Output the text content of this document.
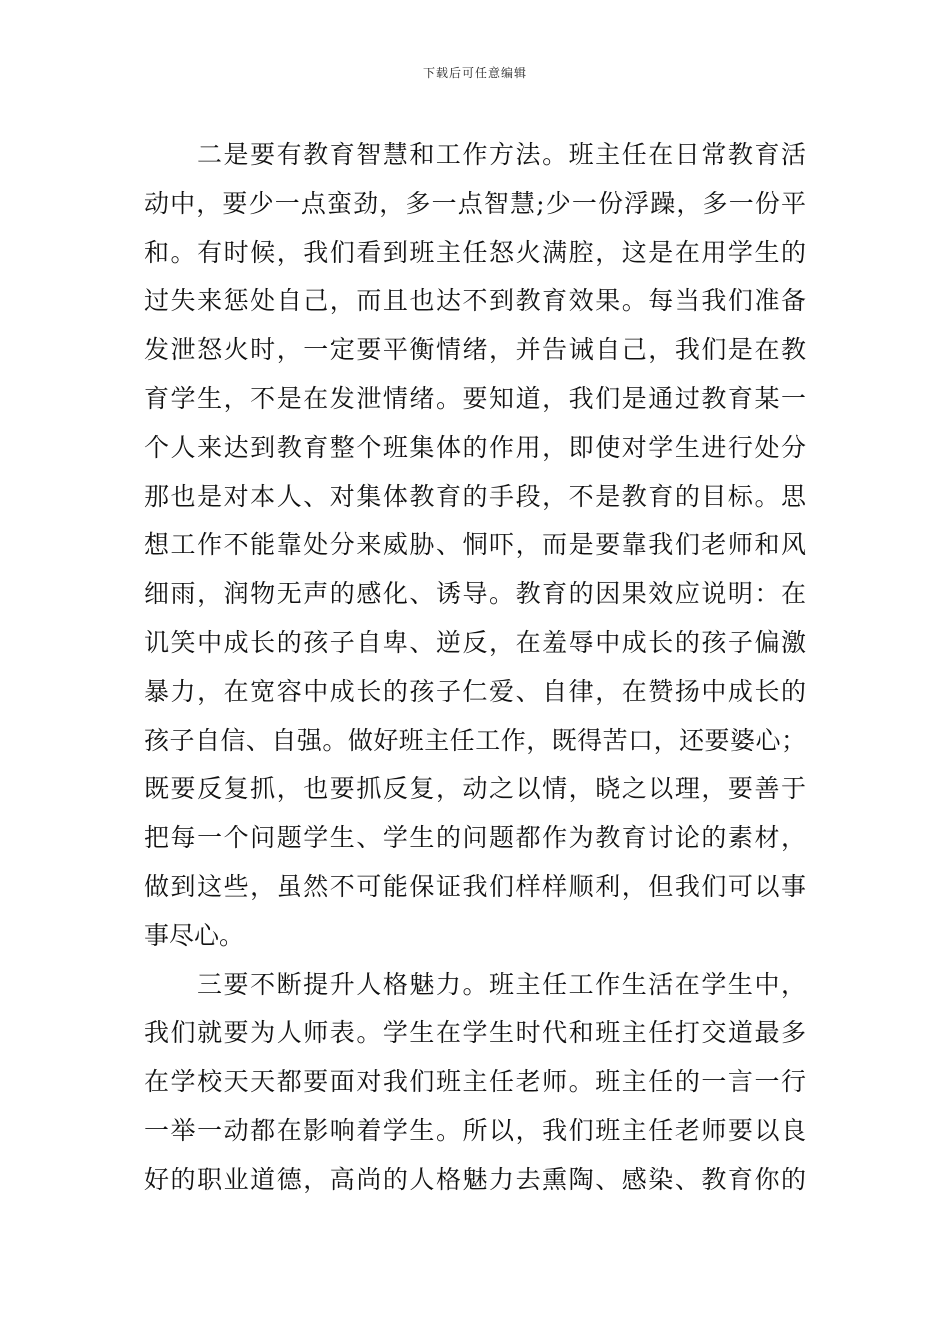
下载后可任意编辑
二是要有教育智慧和工作方法。班主任在日常教育活
动中，要少一点蛮劲，多一点智慧;少一份浮躁，多一份平
和。有时候，我们看到班主任怒火满腔，这是在用学生的
过失来惩处自己，而且也达不到教育效果。每当我们准备
发泄怒火时，一定要平衡情绪，并告诫自己，我们是在教
育学生，不是在发泄情绪。要知道，我们是通过教育某一
个人来达到教育整个班集体的作用，即使对学生进行处分
那也是对本人、对集体教育的手段，不是教育的目标。思
想工作不能靠处分来威胁、恫吓，而是要靠我们老师和风
细雨，润物无声的感化、诱导。教育的因果效应说明：在
讥笑中成长的孩子自卑、逆反，在羞辱中成长的孩子偏激
暴力，在宽容中成长的孩子仁爱、自律，在赞扬中成长的
孩子自信、自强。做好班主任工作，既得苦口，还要婆心；
既要反复抓，也要抓反复，动之以情，晓之以理，要善于
把每一个问题学生、学生的问题都作为教育讨论的素材，
做到这些，虽然不可能保证我们样样顺利，但我们可以事
事尽心。
三要不断提升人格魅力。班主任工作生活在学生中，
我们就要为人师表。学生在学生时代和班主任打交道最多
在学校天天都要面对我们班主任老师。班主任的一言一行
一举一动都在影响着学生。所以，我们班主任老师要以良
好的职业道德，高尚的人格魅力去熏陶、感染、教育你的
